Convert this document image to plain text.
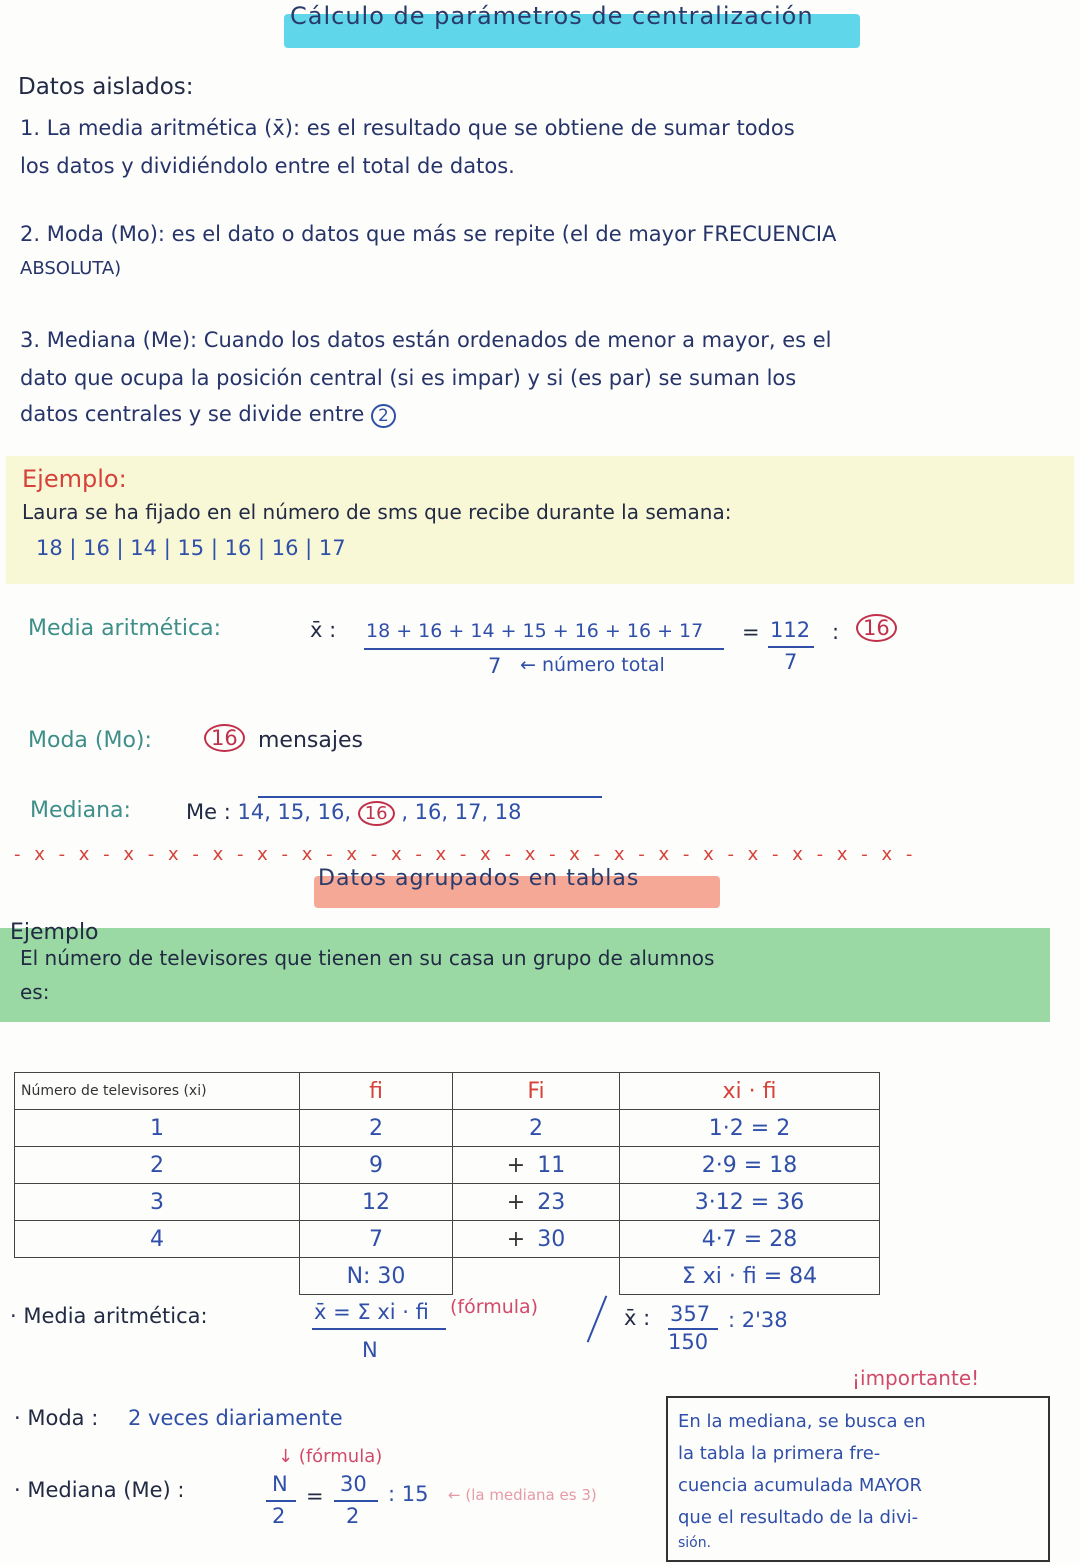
Cálculo de parámetros de centralización
Datos aislados:
1. La media aritmética (x̄): es el resultado que se obtiene de sumar todos
los datos y dividiéndolo entre el total de datos.
2. Moda (Mo): es el dato o datos que más se repite (el de mayor FRECUENCIA
ABSOLUTA)
3. Mediana (Me): Cuando los datos están ordenados de menor a mayor, es el
dato que ocupa la posición central (si es impar) y si (es par) se suman los
datos centrales y se divide entre 2
Ejemplo:
Laura se ha fijado en el número de sms que recibe durante la semana:
18 | 16 | 14 | 15 | 16 | 16 | 17
Media aritmética:	x̄ : 18 + 16 + 14 + 15 + 16 + 16 + 17
7 ← número total
= 112
7
:	16
Moda (Mo):	16 mensajes
Mediana:	Me : 14, 15, 16, 16 , 16, 17, 18
- x - x - x - x - x - x - x - x - x - x - x - x - x - x - x - x - x - x - x - x -
Datos agrupados en tablas
Ejemplo
El número de televisores que tienen en su casa un grupo de alumnos
es:
Número de televisores (xi)	fi	Fi	xi · fi
1	2	2	1·2 = 2
2	9	+ 11	2·9 = 18
3	12	+ 23	3·12 = 36
4	7	+ 30	4·7 = 28
	N: 30		Σ xi · fi = 84
· Media aritmética:	x̄ = Σ xi · fi
N
(fórmula)	x̄ : 357
150
: 2'38
¡importante!
En la mediana, se busca en
la tabla la primera fre-
cuencia acumulada MAYOR
que el resultado de la divi-
sión.
· Moda : 2 veces diariamente
↓ (fórmula)
· Mediana (Me) :	N
2
= 30
2
: 15 ← (la mediana es 3)
